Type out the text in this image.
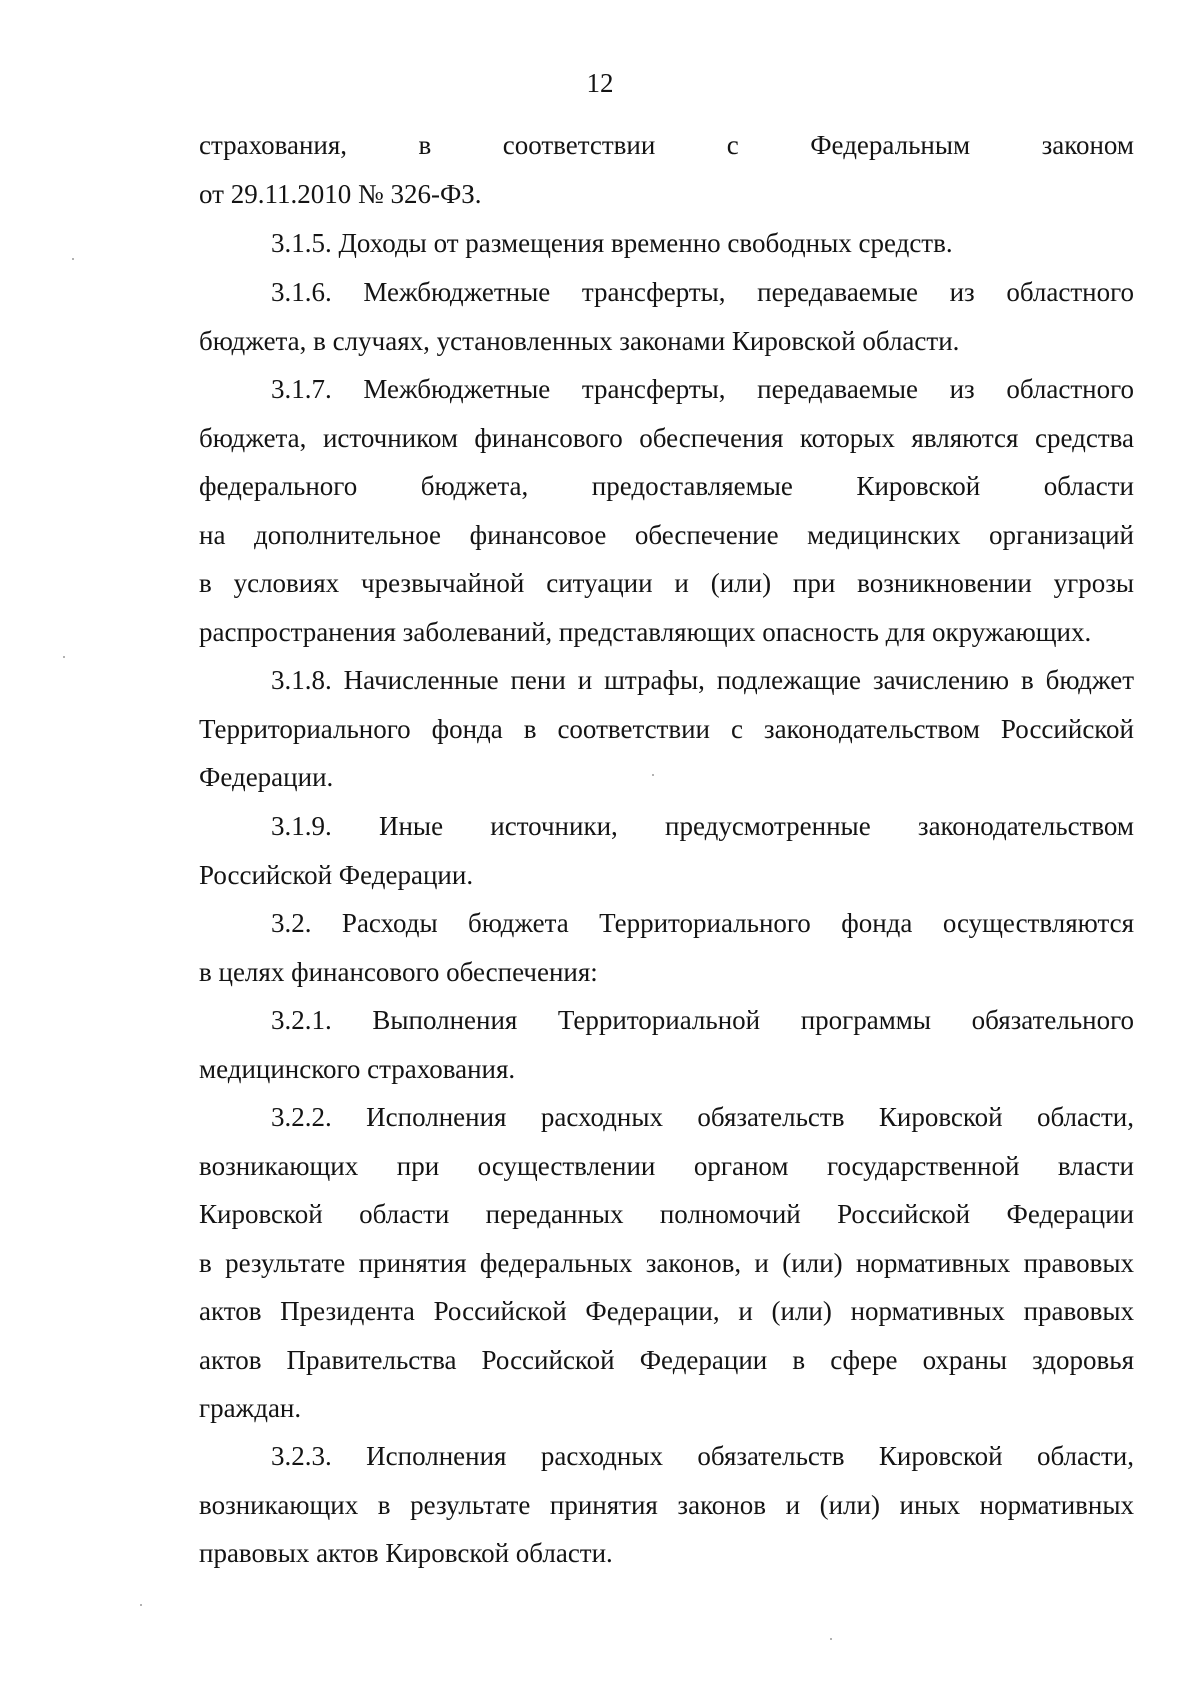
12
страхования, в соответствии с Федеральным законом
от 29.11.2010 № 326-ФЗ.
3.1.5. Доходы от размещения временно свободных средств.
3.1.6. Межбюджетные трансферты, передаваемые из областного
бюджета, в случаях, установленных законами Кировской области.
3.1.7. Межбюджетные трансферты, передаваемые из областного
бюджета, источником финансового обеспечения которых являются средства
федерального бюджета, предоставляемые Кировской области
на дополнительное финансовое обеспечение медицинских организаций
в условиях чрезвычайной ситуации и (или) при возникновении угрозы
распространения заболеваний, представляющих опасность для окружающих.
3.1.8. Начисленные пени и штрафы, подлежащие зачислению в бюджет
Территориального фонда в соответствии с законодательством Российской
Федерации.
3.1.9. Иные источники, предусмотренные законодательством
Российской Федерации.
3.2. Расходы бюджета Территориального фонда осуществляются
в целях финансового обеспечения:
3.2.1. Выполнения Территориальной программы обязательного
медицинского страхования.
3.2.2. Исполнения расходных обязательств Кировской области,
возникающих при осуществлении органом государственной власти
Кировской области переданных полномочий Российской Федерации
в результате принятия федеральных законов, и (или) нормативных правовых
актов Президента Российской Федерации, и (или) нормативных правовых
актов Правительства Российской Федерации в сфере охраны здоровья
граждан.
3.2.3. Исполнения расходных обязательств Кировской области,
возникающих в результате принятия законов и (или) иных нормативных
правовых актов Кировской области.
